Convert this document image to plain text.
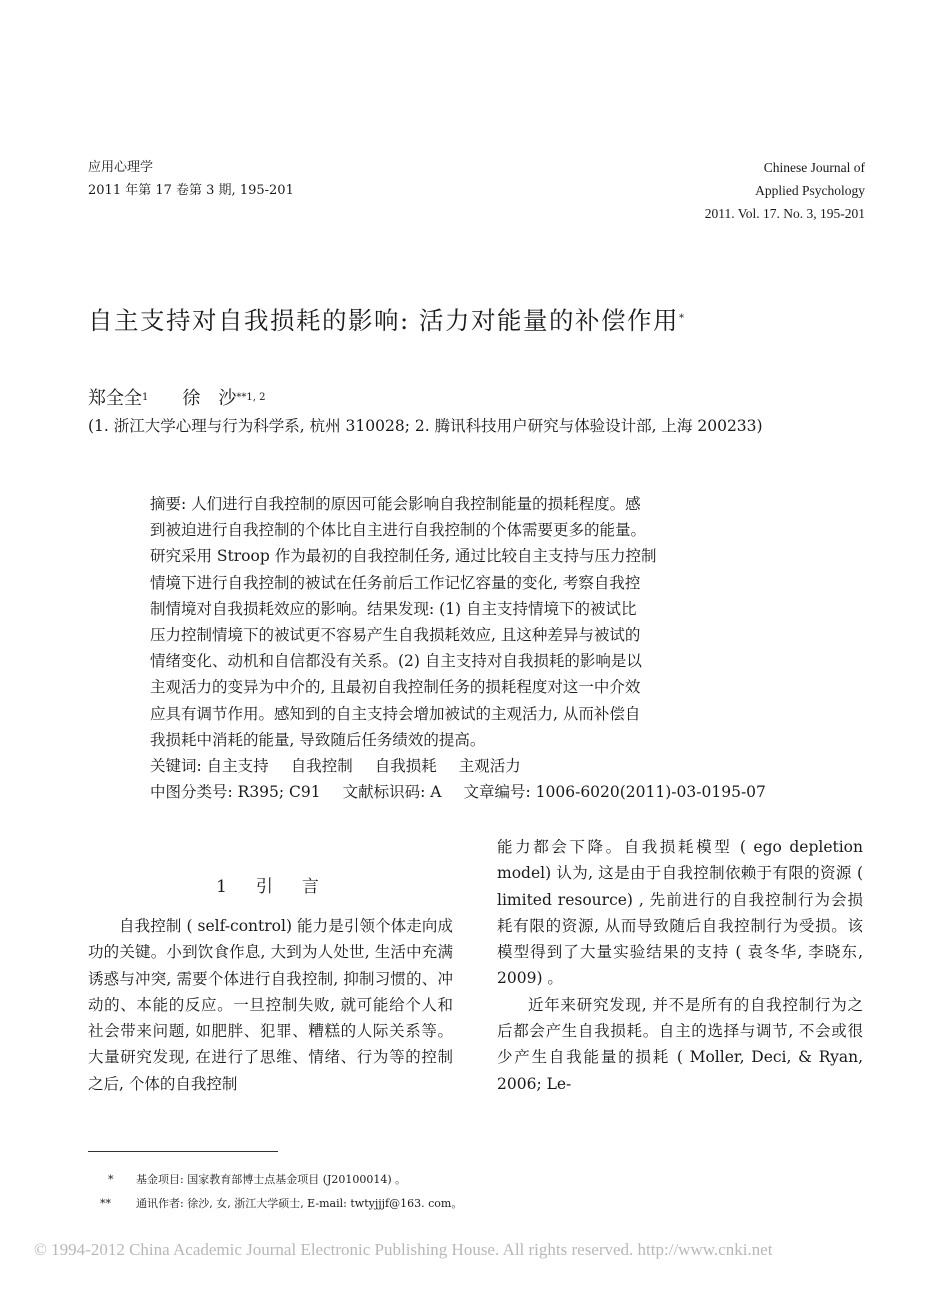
应用心理学
2011 年第 17 卷第 3 期, 195-201
Chinese Journal of
Applied Psychology
2011. Vol. 17. No. 3, 195-201
自主支持对自我损耗的影响: 活力对能量的补偿作用*
郑全全$^1$ 徐　沙$^{**1, 2}$
(1. 浙江大学心理与行为科学系, 杭州 310028; 2. 腾讯科技用户研究与体验设计部, 上海 200233)
摘要: 人们进行自我控制的原因可能会影响自我控制能量的损耗程度。感
到被迫进行自我控制的个体比自主进行自我控制的个体需要更多的能量。
研究采用 Stroop 作为最初的自我控制任务, 通过比较自主支持与压力控制
情境下进行自我控制的被试在任务前后工作记忆容量的变化, 考察自我控
制情境对自我损耗效应的影响。结果发现: (1) 自主支持情境下的被试比
压力控制情境下的被试更不容易产生自我损耗效应, 且这种差异与被试的
情绪变化、动机和自信都没有关系。(2) 自主支持对自我损耗的影响是以
主观活力的变异为中介的, 且最初自我控制任务的损耗程度对这一中介效
应具有调节作用。感知到的自主支持会增加被试的主观活力, 从而补偿自
我损耗中消耗的能量, 导致随后任务绩效的提高。
关键词: 自主支持 自我控制 自我损耗 主观活力
中图分类号: R395; C91 文献标识码: A 文章编号: 1006-6020(2011)-03-0195-07
1　引　言

自我控制 ( self-control) 能力是引领个体走向成功的关键。小到饮食作息, 大到为人处世, 生活中充满诱惑与冲突, 需要个体进行自我控制, 抑制习惯的、冲动的、本能的反应。一旦控制失败, 就可能给个人和社会带来问题, 如肥胖、犯罪、糟糕的人际关系等。大量研究发现, 在进行了思维、情绪、行为等的控制之后, 个体的自我控制

能力都会下降。自我损耗模型 ( ego depletion model) 认为, 这是由于自我控制依赖于有限的资源 ( limited resource) , 先前进行的自我控制行为会损耗有限的资源, 从而导致随后自我控制行为受损。该模型得到了大量实验结果的支持 ( 袁冬华, 李晓东, 2009) 。

近年来研究发现, 并不是所有的自我控制行为之后都会产生自我损耗。自主的选择与调节, 不会或很少产生自我能量的损耗 ( Moller, Deci, & Ryan, 2006; Le-

* 基金项目: 国家教育部博士点基金项目 (J20100014) 。
** 通讯作者: 徐沙, 女, 浙江大学硕士, E-mail: twtyjjjf@163. com。
© 1994-2012 China Academic Journal Electronic Publishing House. All rights reserved. http://www.cnki.net
